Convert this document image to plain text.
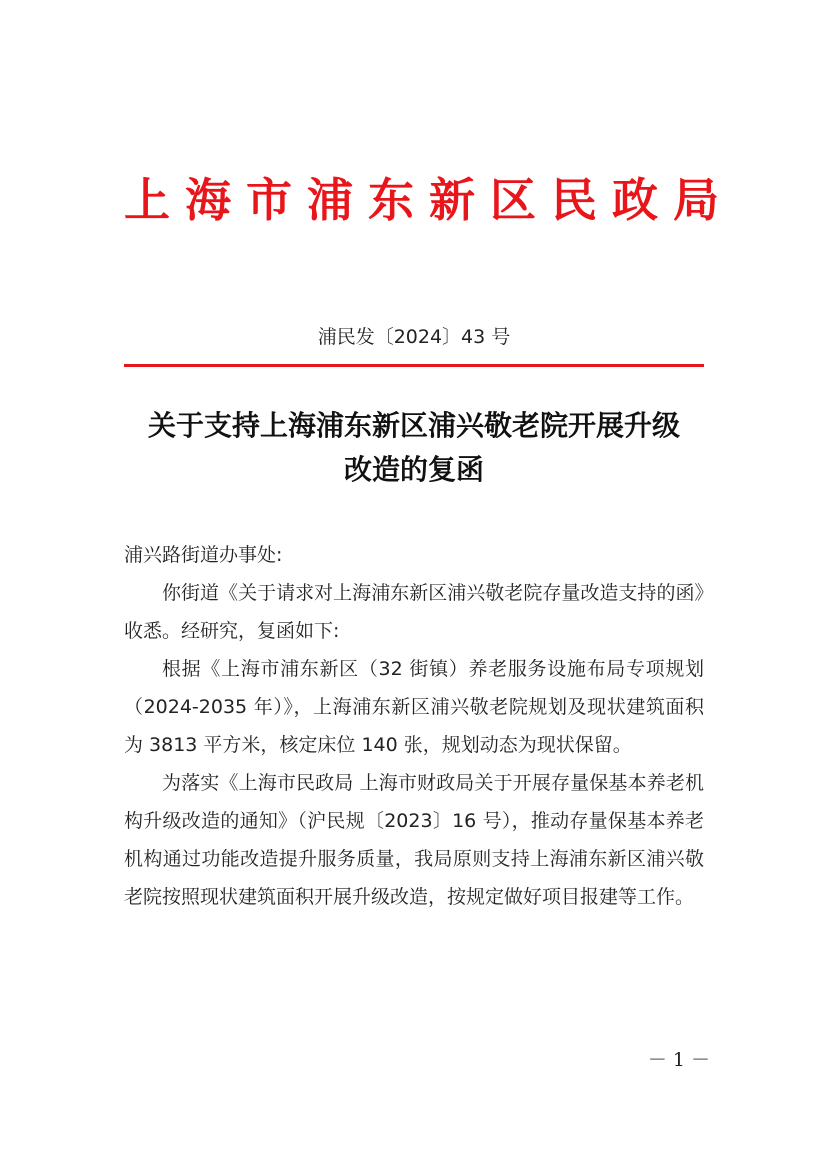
上海市浦东新区民政局
浦民发〔2024〕43 号
关于支持上海浦东新区浦兴敬老院开展升级
改造的复函

浦兴路街道办事处:

你街道《关于请求对上海浦东新区浦兴敬老院存量改造支持的函》收悉。经研究，复函如下:

根据《上海市浦东新区（32 街镇）养老服务设施布局专项规划（2024-2035 年）》，上海浦东新区浦兴敬老院规划及现状建筑面积为 3813 平方米，核定床位 140 张，规划动态为现状保留。

为落实《上海市民政局 上海市财政局关于开展存量保基本养老机构升级改造的通知》（沪民规〔2023〕16 号），推动存量保基本养老机构通过功能改造提升服务质量，我局原则支持上海浦东新区浦兴敬老院按照现状建筑面积开展升级改造，按规定做好项目报建等工作。

－ 1 －
